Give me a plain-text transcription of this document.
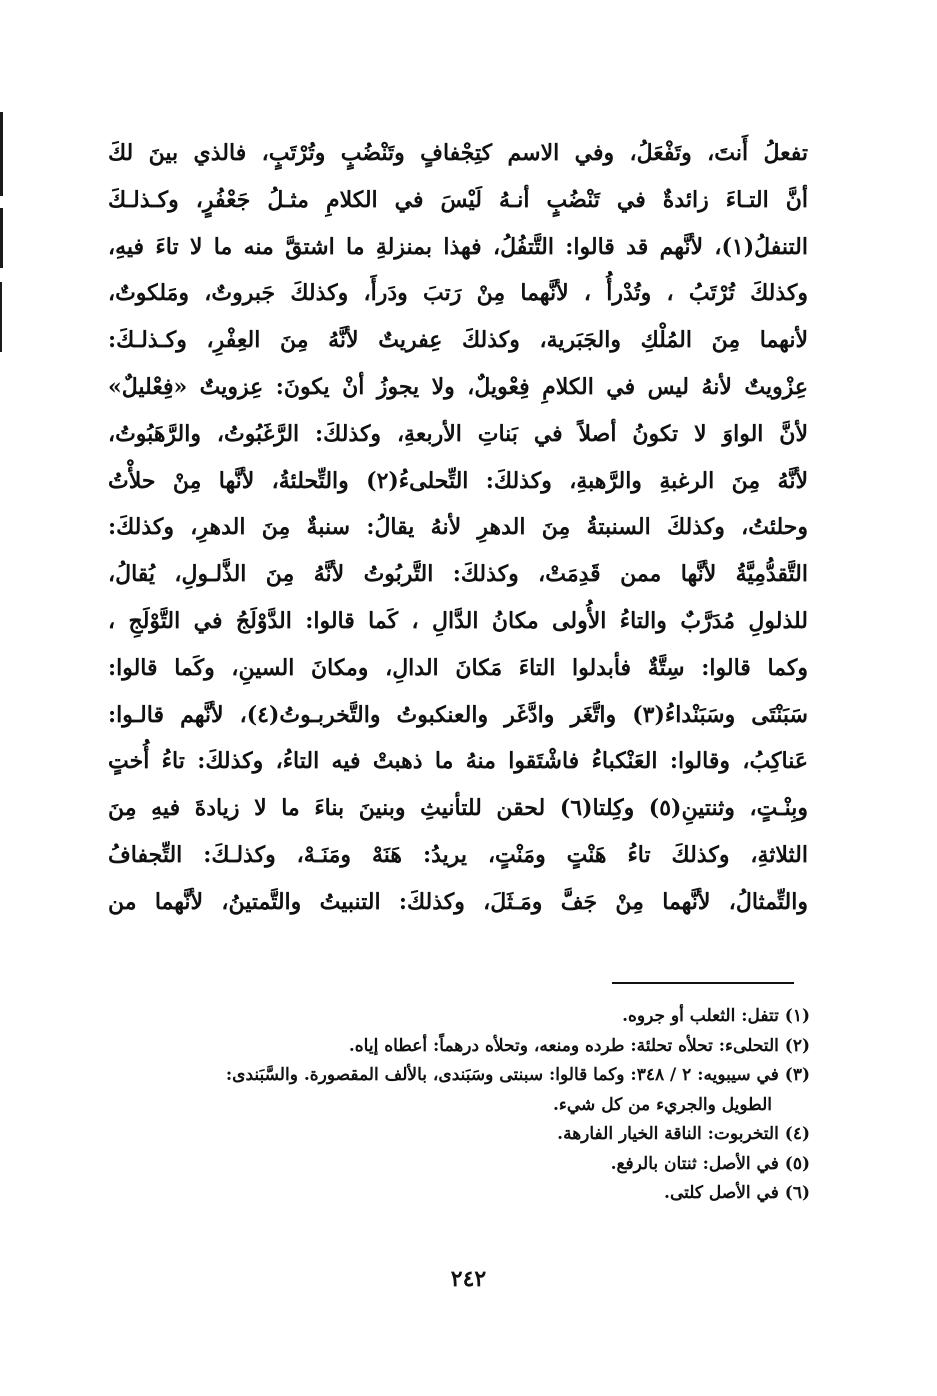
تفعلُ أَنتَ، وتَفْعَلُ، وفي الاسم كتِجْفافٍ وتَنْضُبٍ وتُرْتَبٍ، فالذي بينَ لكَ
أنَّ التـاءَ زائدةٌ في تَنْضُبٍ أنـهُ لَيْسَ في الكلامِ مثـلُ جَعْفُرٍ، وكـذلـكَ
التنفلُ(١)، لأنَّهم قد قالوا: التَّتفُلُ، فهذا بمنزلةِ ما اشتقَّ منه ما لا تاءَ فيهِ،
وكذلكَ تُرْتَبُ ، وتُدْرأُ ، لأنَّهما مِنْ رَتبَ ودَرأَ، وكذلكَ جَبروتٌ، ومَلكوتٌ،
لأنهما مِنَ المُلْكِ والجَبَرية، وكذلكَ عِفريتٌ لأنَّهُ مِنَ العِفْرِ، وكـذلـكَ:
عِزْويتٌ لأنهُ ليس في الكلامِ فِعْويلٌ، ولا يجوزُ أنْ يكونَ: عِزويتٌ «فِعْليلٌ»
لأنَّ الواوَ لا تكونُ أصلاً في بَناتِ الأربعةِ، وكذلكَ: الرَّغَبُوتُ، والرَّهَبُوتُ،
لأنَّهُ مِنَ الرغبةِ والرَّهبةِ، وكذلكَ: التِّحلىءُ(٢) والتِّحلئةُ، لأنَّها مِنْ حلأْتُ
وحلئتُ، وكذلكَ السنبتةُ مِنَ الدهرِ لأنهُ يقالُ: سنبةٌ مِنَ الدهرِ، وكذلكَ:
التَّقدُّمِيَّةُ لأنَّها ممن قَدِمَتْ، وكذلكَ: التَّربُوتُ لأنَّهُ مِنَ الذَّلـولِ، يُقالُ،
للذلولِ مُدَرَّبٌ والتاءُ الأُولى مكانُ الدَّالِ ، كَما قالوا: الدَّوْلَجُ في التَّوْلَجِ ،
وكما قالوا: سِتَّةٌ فأبدلوا التاءَ مَكانَ الدالِ، ومكانَ السينِ، وكَما قالوا:
سَبَنْتَى وسَبَنْداءُ(٣) واتَّغَر وادَّغَر والعنكبوتُ والتَّخربـوتُ(٤)، لأنَّهم قالـوا:
عَناكِبُ، وقالوا: العَنْكباءُ فاشْتَقوا منهُ ما ذهبتْ فيه التاءُ، وكذلكَ: تاءُ أُختٍ
وبِنْـتٍ، وثنتينِ(٥) وكِلتا(٦) لحقن للتأنيثِ وبنينَ بناءَ ما لا زيادةَ فيهِ مِنَ
الثلاثةِ، وكذلكَ تاءُ هَنْتٍ ومَنْتٍ، يريدُ: هَنَهْ ومَنَـهْ، وكذلـكَ: التِّجفافُ
والتِّمثالُ، لأنَّهما مِنْ جَفَّ ومَـثَلَ، وكذلكَ: التنبيتُ والتَّمتينُ، لأنَّهما من

(١) تتفل: الثعلب أو جروه.
(٢) التحلىء: تحلأه تحلئة: طرده ومنعه، وتحلأه درهماً: أعطاه إياه.
(٣) في سيبويه: ٢ / ٣٤٨: وكما قالوا: سبنتى وسَبَندى، بالألف المقصورة. والسَّبَندى:
الطويل والجريء من كل شيء.
(٤) التخربوت: الناقة الخيار الفارهة.
(٥) في الأصل: ثنتان بالرفع.
(٦) في الأصل كلتى.
٢٤٢
